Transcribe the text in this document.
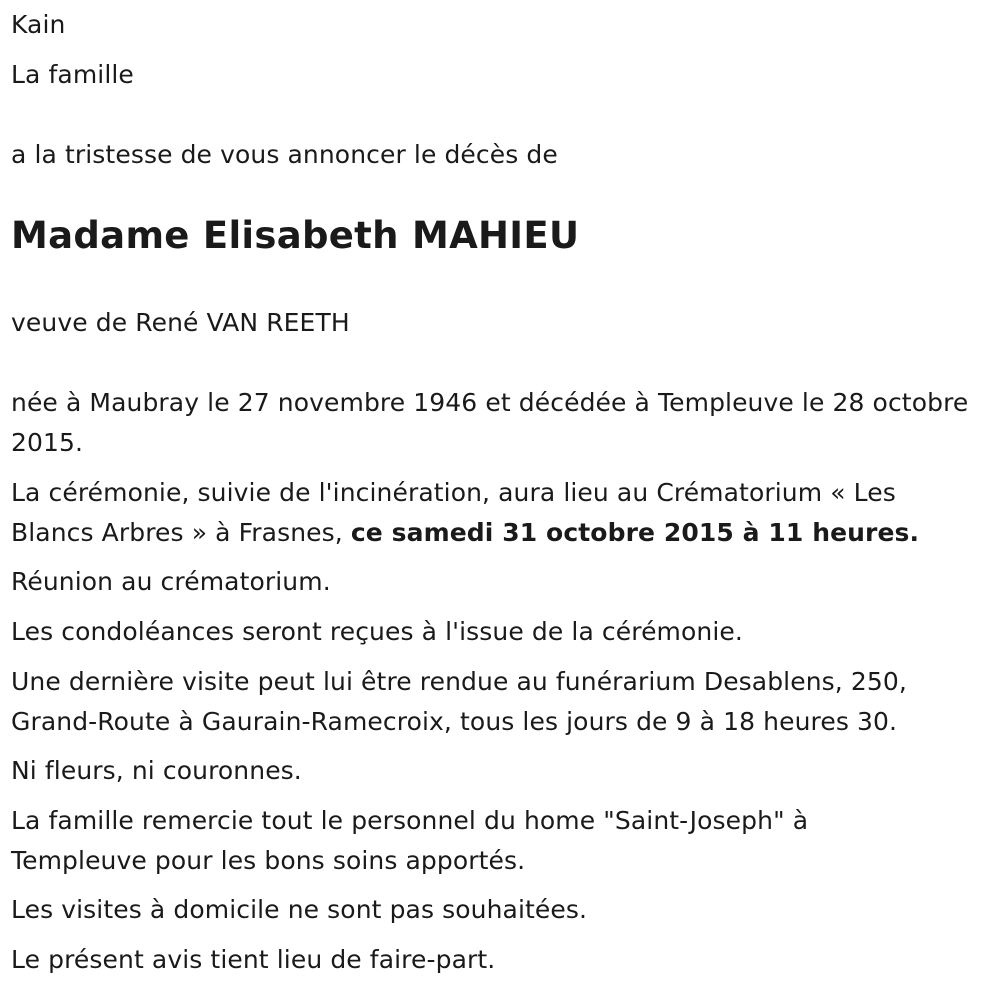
Kain
La famille
a la tristesse de vous annoncer le décès de
Madame Elisabeth MAHIEU
veuve de René VAN REETH
née à Maubray le 27 novembre 1946 et décédée à Templeuve le 28 octobre 2015.
La cérémonie, suivie de l'incinération, aura lieu au Crématorium « Les Blancs Arbres » à Frasnes, ce samedi 31 octobre 2015 à 11 heures.
Réunion au crématorium.
Les condoléances seront reçues à l'issue de la cérémonie.
Une dernière visite peut lui être rendue au funérarium Desablens, 250, Grand-Route à Gaurain-Ramecroix, tous les jours de 9 à 18 heures 30.
Ni fleurs, ni couronnes.
La famille remercie tout le personnel du home "Saint-Joseph" à Templeuve pour les bons soins apportés.
Les visites à domicile ne sont pas souhaitées.
Le présent avis tient lieu de faire-part.
